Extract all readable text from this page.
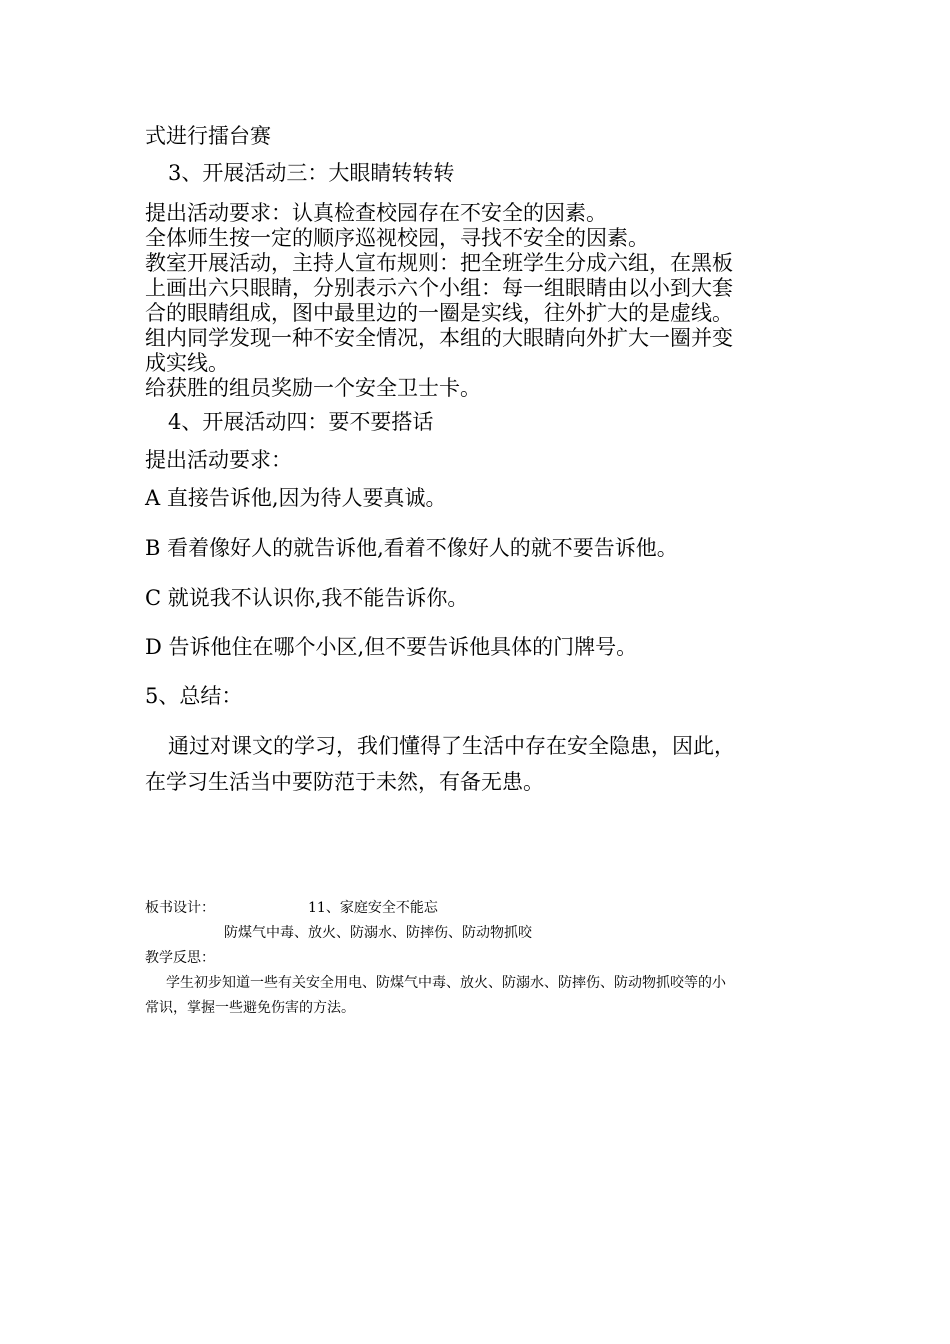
式进行擂台赛
3、开展活动三：大眼睛转转转
提出活动要求：认真检查校园存在不安全的因素。
全体师生按一定的顺序巡视校园，寻找不安全的因素。
教室开展活动，主持人宣布规则：把全班学生分成六组，在黑板
上画出六只眼睛，分别表示六个小组：每一组眼睛由以小到大套
合的眼睛组成，图中最里边的一圈是实线，往外扩大的是虚线。
组内同学发现一种不安全情况，本组的大眼睛向外扩大一圈并变
成实线。
给获胜的组员奖励一个安全卫士卡。
4、开展活动四：要不要搭话
提出活动要求：
A 直接告诉他,因为待人要真诚。
B 看着像好人的就告诉他,看着不像好人的就不要告诉他。
C 就说我不认识你,我不能告诉你。
D 告诉他住在哪个小区,但不要告诉他具体的门牌号。
5、总结：
通过对课文的学习，我们懂得了生活中存在安全隐患，因此，
在学习生活当中要防范于未然，有备无患。
板书设计：	11、家庭安全不能忘
防煤气中毒、放火、防溺水、防摔伤、防动物抓咬
教学反思：
学生初步知道一些有关安全用电、防煤气中毒、放火、防溺水、防摔伤、防动物抓咬等的小
常识，掌握一些避免伤害的方法。
